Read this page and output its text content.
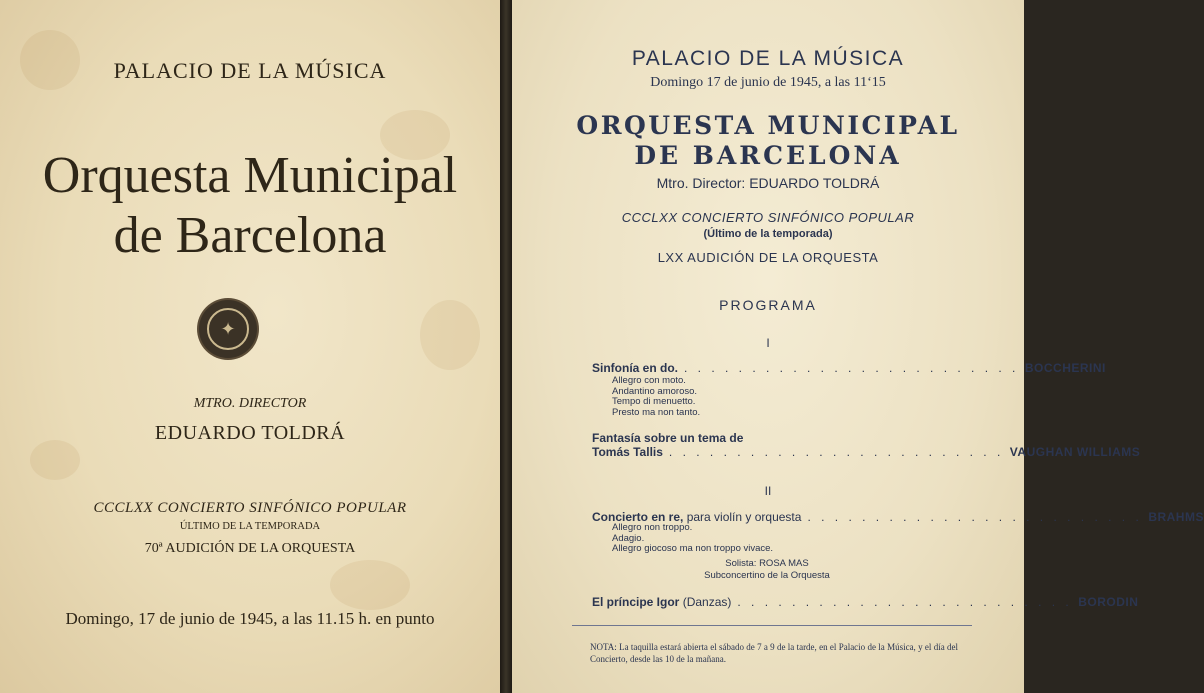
PALACIO DE LA MÚSICA
Orquesta Municipal
de Barcelona
✦
MTRO. DIRECTOR
EDUARDO TOLDRÁ
CCCLXX CONCIERTO SINFÓNICO POPULAR
ÚLTIMO DE LA TEMPORADA
70ª AUDICIÓN DE LA ORQUESTA
Domingo, 17 de junio de 1945, a las 11.15 h. en punto
PALACIO DE LA MÚSICA
Domingo 17 de junio de 1945, a las 11‘15
ORQUESTA MUNICIPAL
DE BARCELONA
Mtro. Director: EDUARDO TOLDRÁ
CCCLXX CONCIERTO SINFÓNICO POPULAR
(Último de la temporada)
LXX AUDICIÓN DE LA ORQUESTA
PROGRAMA
I
Sinfonía en do. . . . . . . . . . . . . . . . . . . . . . . . . . BOCCHERINI
Allegro con moto.
Andantino amoroso.
Tempo di menuetto.
Presto ma non tanto.
Fantasía sobre un tema de
Tomás Tallis . . . . . . . . . . . . . . . . . . . . . . . . . VAUGHAN WILLIAMS
II
Concierto en re, para violín y orquesta . . . . . . . . . . . . . . . . . . . . . . . . . BRAHMS
Allegro non troppo.
Adagio.
Allegro giocoso ma non troppo vivace.
Solista: ROSA MAS
Subconcertino de la Orquesta
El príncipe Igor (Danzas) . . . . . . . . . . . . . . . . . . . . . . . . . BORODIN
NOTA: La taquilla estará abierta el sábado de 7 a 9 de la tarde, en el Palacio de la Música, y el día del Concierto, desde las 10 de la mañana.
